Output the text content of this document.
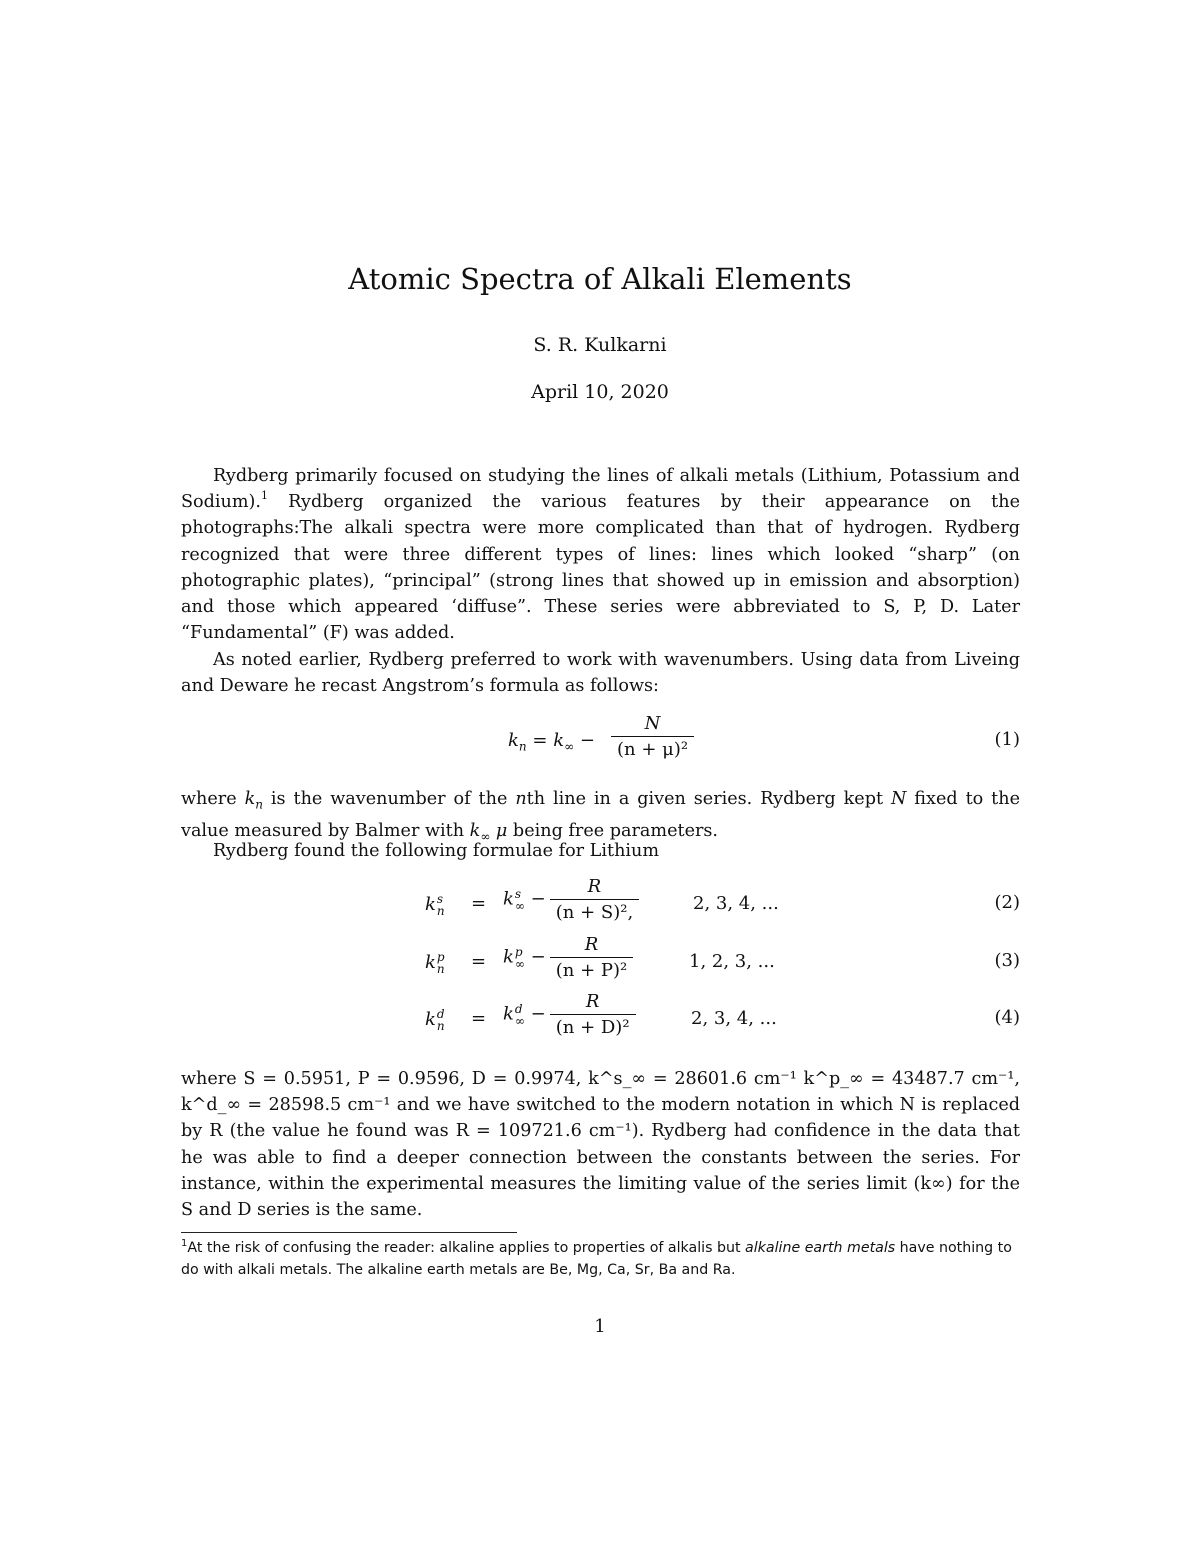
Atomic Spectra of Alkali Elements
S. R. Kulkarni
April 10, 2020
Rydberg primarily focused on studying the lines of alkali metals (Lithium, Potassium and Sodium).$^1$ Rydberg organized the various features by their appearance on the photographs:The alkali spectra were more complicated than that of hydrogen. Rydberg recognized that were three different types of lines: lines which looked “sharp” (on photographic plates), “principal” (strong lines that showed up in emission and absorption) and those which appeared ‘diffuse”. These series were abbreviated to S, P, D. Later “Fundamental” (F) was added.
As noted earlier, Rydberg preferred to work with wavenumbers. Using data from Liveing and Deware he recast Angstrom’s formula as follows:
$k_n = k_\infty - \frac{N}{\text{(n + μ)²}}$	(1)
where $k_n$ is the wavenumber of the nth line in a given series. Rydberg kept N fixed to the value measured by Balmer with $k_\infty$ μ being free parameters.
Rydberg found the following formulae for Lithium
k s
n = k s
∞ − $\frac{R}{\text{(n + S)²,}}$	2, 3, 4, ...	(2)
k p
n = k p
∞ − $\frac{R}{\text{(n + P)²}}$	1, 2, 3, ...	(3)
k d
n = k d
∞ − $\frac{R}{\text{(n + D)²}}$	2, 3, 4, ...	(4)
where S = 0.5951, P = 0.9596, D = 0.9974, k^s_∞ = 28601.6 cm⁻¹ k^p_∞ = 43487.7 cm⁻¹, k^d_∞ = 28598.5 cm⁻¹ and we have switched to the modern notation in which N is replaced by R (the value he found was R = 109721.6 cm⁻¹). Rydberg had confidence in the data that he was able to find a deeper connection between the constants between the series. For instance, within the experimental measures the limiting value of the series limit (k∞) for the S and D series is the same.
$^1$At the risk of confusing the reader: alkaline applies to properties of alkalis but alkaline earth metals have nothing to do with alkali metals. The alkaline earth metals are Be, Mg, Ca, Sr, Ba and Ra.
1
